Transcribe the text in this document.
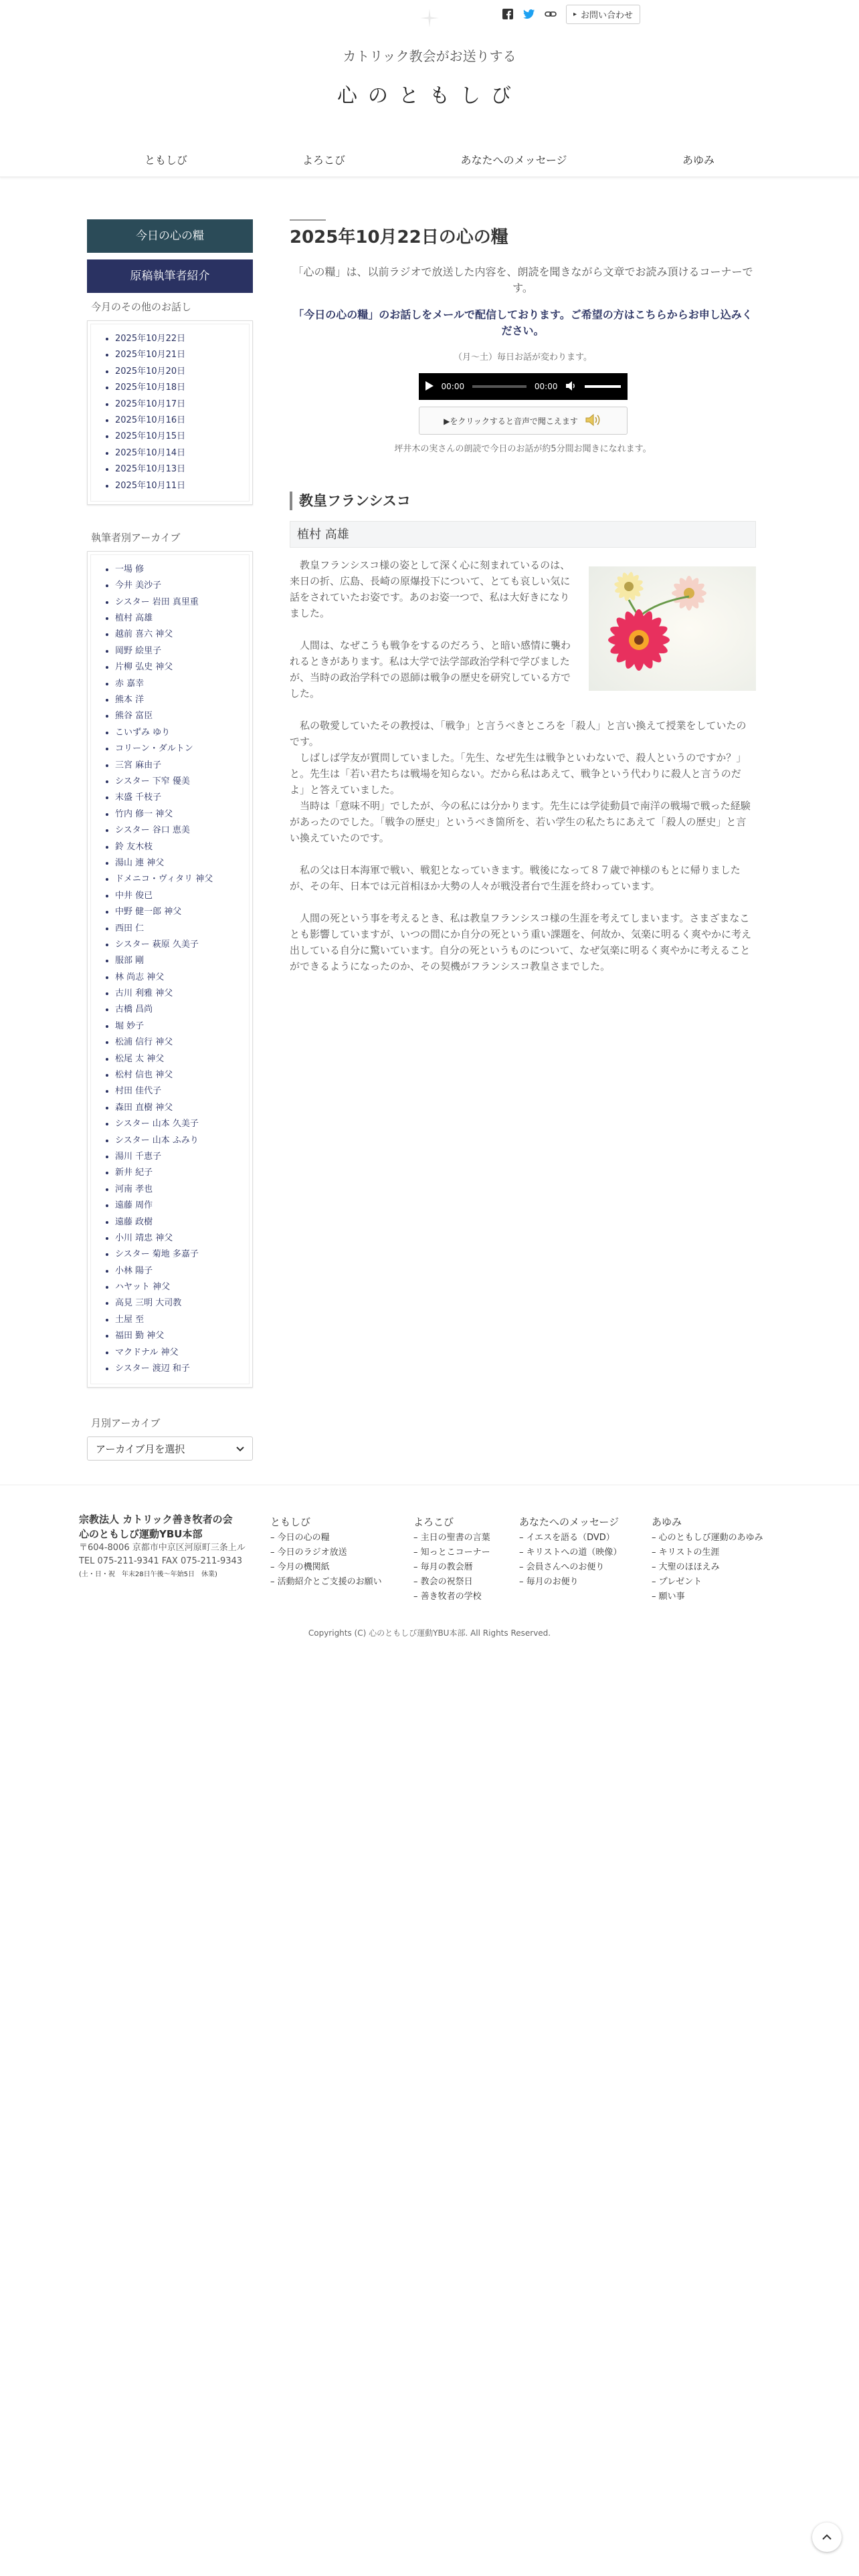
▸ お問い合わせ
カトリック教会がお送りする
心のともしび
ともしび	よろこび	あなたへのメッセージ	あゆみ
今日の心の糧
原稿執筆者紹介
今月のその他のお話し
• 2025年10月22日
• 2025年10月21日
• 2025年10月20日
• 2025年10月18日
• 2025年10月17日
• 2025年10月16日
• 2025年10月15日
• 2025年10月14日
• 2025年10月13日
• 2025年10月11日
執筆者別アーカイブ
• 一場 修
• 今井 美沙子
• シスター 岩田 真里重
• 植村 高雄
• 越前 喜六 神父
• 岡野 絵里子
• 片柳 弘史 神父
• 赤 嘉幸
• 熊本 洋
• 熊谷 富臣
• こいずみ ゆり
• コリーン・ダルトン
• 三宮 麻由子
• シスター 下窄 優美
• 末盛 千枝子
• 竹内 修一 神父
• シスター 谷口 恵美
• 鈴 友木枝
• 湯山 連 神父
• ドメニコ・ヴィタリ 神父
• 中井 俊已
• 中野 健一郎 神父
• 西田 仁
• シスター 萩原 久美子
• 服部 剛
• 林 尚志 神父
• 古川 利雅 神父
• 古橋 昌尚
• 堀 妙子
• 松浦 信行 神父
• 松尾 太 神父
• 松村 信也 神父
• 村田 佳代子
• 森田 直樹 神父
• シスター 山本 久美子
• シスター 山本 ふみり
• 湯川 千恵子
• 新井 紀子
• 河南 孝也
• 遠藤 周作
• 遠藤 政樹
• 小川 靖忠 神父
• シスター 菊地 多嘉子
• 小林 陽子
• ハヤット 神父
• 高見 三明 大司教
• 土屋 至
• 福田 勤 神父
• マクドナル 神父
• シスター 渡辺 和子
月別アーカイブ
アーカイブ月を選択
2025年10月22日の心の糧

「心の糧」は、以前ラジオで放送した内容を、朗読を聞きながら文章でお読み頂けるコーナーです。

「今日の心の糧」のお話しをメールで配信しております。ご希望の方はこちらからお申し込みください。

（月～土）毎日お話が変わります。

00:00	00:00
▶をクリックすると音声で聞こえます

坪井木の実さんの朗読で今日のお話が約5分間お聞きになれます。

教皇フランシスコ
植村 高雄

　教皇フランシスコ様の姿として深く心に刻まれているのは、来日の折、広島、長崎の原爆投下について、とても哀しい気に話をされていたお姿です。あのお姿一つで、私は大好きになりました。

　人間は、なぜこうも戦争をするのだろう、と暗い感情に襲われるときがあります。私は大学で法学部政治学科で学びましたが、当時の政治学科での恩師は戦争の歴史を研究している方でした。

　私の敬愛していたその教授は、「戦争」と言うべきところを「殺人」と言い換えて授業をしていたのです。

　しばしば学友が質問していました。「先生、なぜ先生は戦争といわないで、殺人というのですか？」と。先生は「若い君たちは戦場を知らない。だから私はあえて、戦争という代わりに殺人と言うのだよ」と答えていました。

　当時は「意味不明」でしたが、今の私には分かります。先生には学徒動員で南洋の戦場で戦った経験があったのでした。「戦争の歴史」というべき箇所を、若い学生の私たちにあえて「殺人の歴史」と言い換えていたのです。

　私の父は日本海軍で戦い、戦犯となっていきます。戦後になって８７歳で神様のもとに帰りましたが、その年、日本では元首相ほか大勢の人々が戦没者台で生涯を終わっています。

　人間の死という事を考えるとき、私は教皇フランシスコ様の生涯を考えてしまいます。さまざまなことも影響していますが、いつの間にか自分の死という重い課題を、何故か、気楽に明るく爽やかに考え出している自分に驚いています。自分の死というものについて、なぜ気楽に明るく爽やかに考えることができるようになったのか、その契機がフランシスコ教皇さまでした。

宗教法人 カトリック善き牧者の会
心のともしび運動YBU本部
〒604-8006 京都市中京区河原町三条上ル
TEL 075-211-9341 FAX 075-211-9343
(土・日・祝　年末28日午後〜年始5日　休業)
ともしび
– 今日の心の糧
– 今日のラジオ放送
– 今月の機関紙
– 活動紹介とご支援のお願い
よろこび
– 主日の聖書の言葉
– 知っとこコーナー
– 毎月の教会暦
– 教会の祝祭日
– 善き牧者の学校
あなたへのメッセージ
– イエスを語る（DVD）
– キリストへの道（映像）
– 会員さんへのお便り
– 毎月のお便り
あゆみ
– 心のともしび運動のあゆみ
– キリストの生涯
– 大聖のほほえみ
– プレゼント
– 願い事
Copyrights (C) 心のともしび運動YBU本部. All Rights Reserved.
